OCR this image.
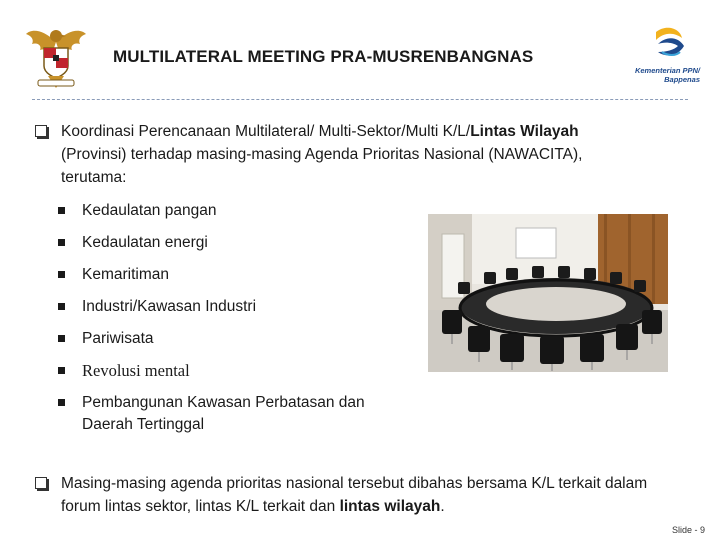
MULTILATERAL MEETING PRA-MUSRENBANGNAS
Kementerian PPN/
Bappenas
Koordinasi Perencanaan Multilateral/ Multi-Sektor/Multi K/L/Lintas Wilayah (Provinsi) terhadap masing-masing Agenda Prioritas Nasional (NAWACITA), terutama:
Kedaulatan pangan
Kedaulatan energi
Kemaritiman
Industri/Kawasan Industri
Pariwisata
Revolusi mental
Pembangunan Kawasan Perbatasan dan Daerah Tertinggal
Masing-masing agenda prioritas nasional tersebut dibahas bersama K/L terkait dalam forum lintas sektor, lintas K/L terkait dan lintas wilayah.
Slide - 9
